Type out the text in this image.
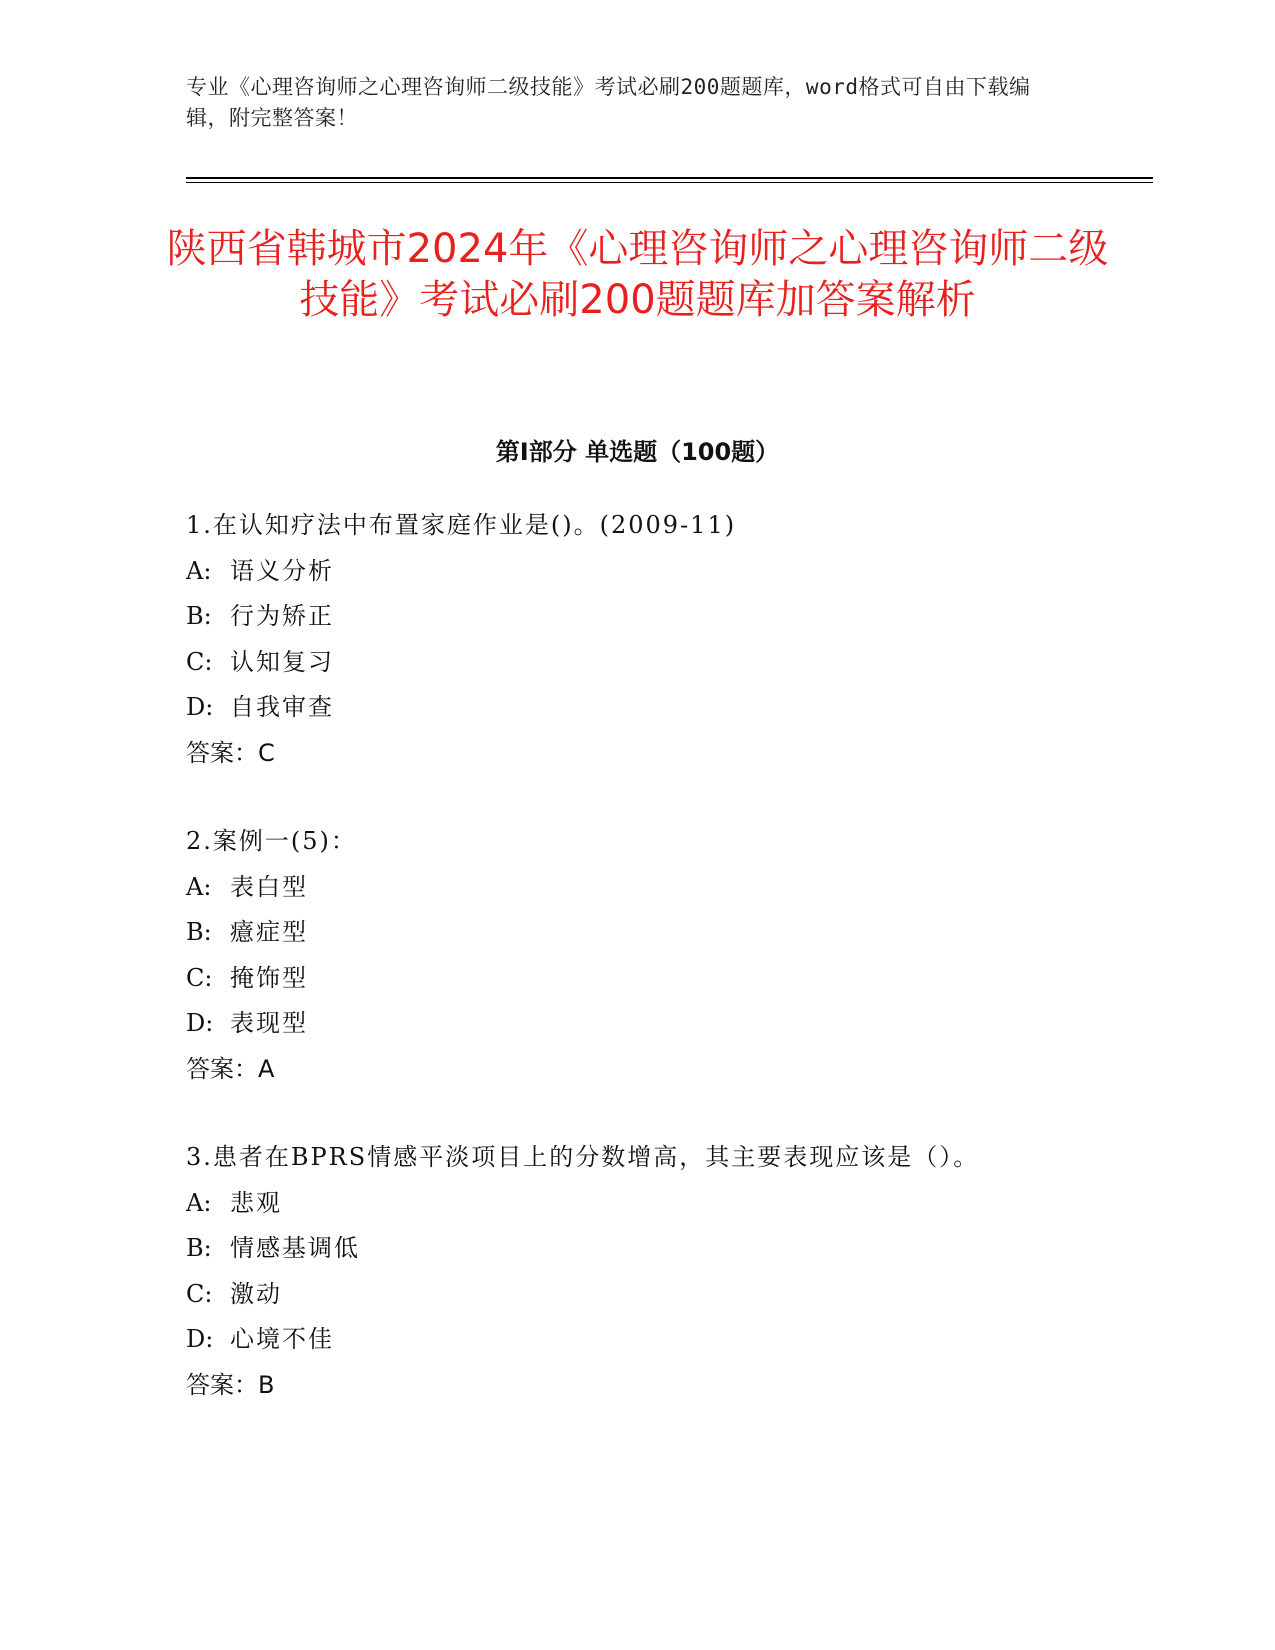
专业《心理咨询师之心理咨询师二级技能》考试必刷200题题库，word格式可自由下载编辑，附完整答案！
陕西省韩城市2024年《心理咨询师之心理咨询师二级技能》考试必刷200题题库加答案解析
第I部分 单选题（100题）
1.在认知疗法中布置家庭作业是()。(2009-11)
A: 语义分析
B: 行为矫正
C: 认知复习
D: 自我审查
答案：C
2.案例一(5)：
A: 表白型
B: 癔症型
C: 掩饰型
D: 表现型
答案：A
3.患者在BPRS情感平淡项目上的分数增高，其主要表现应该是（）。
A: 悲观
B: 情感基调低
C: 激动
D: 心境不佳
答案：B
